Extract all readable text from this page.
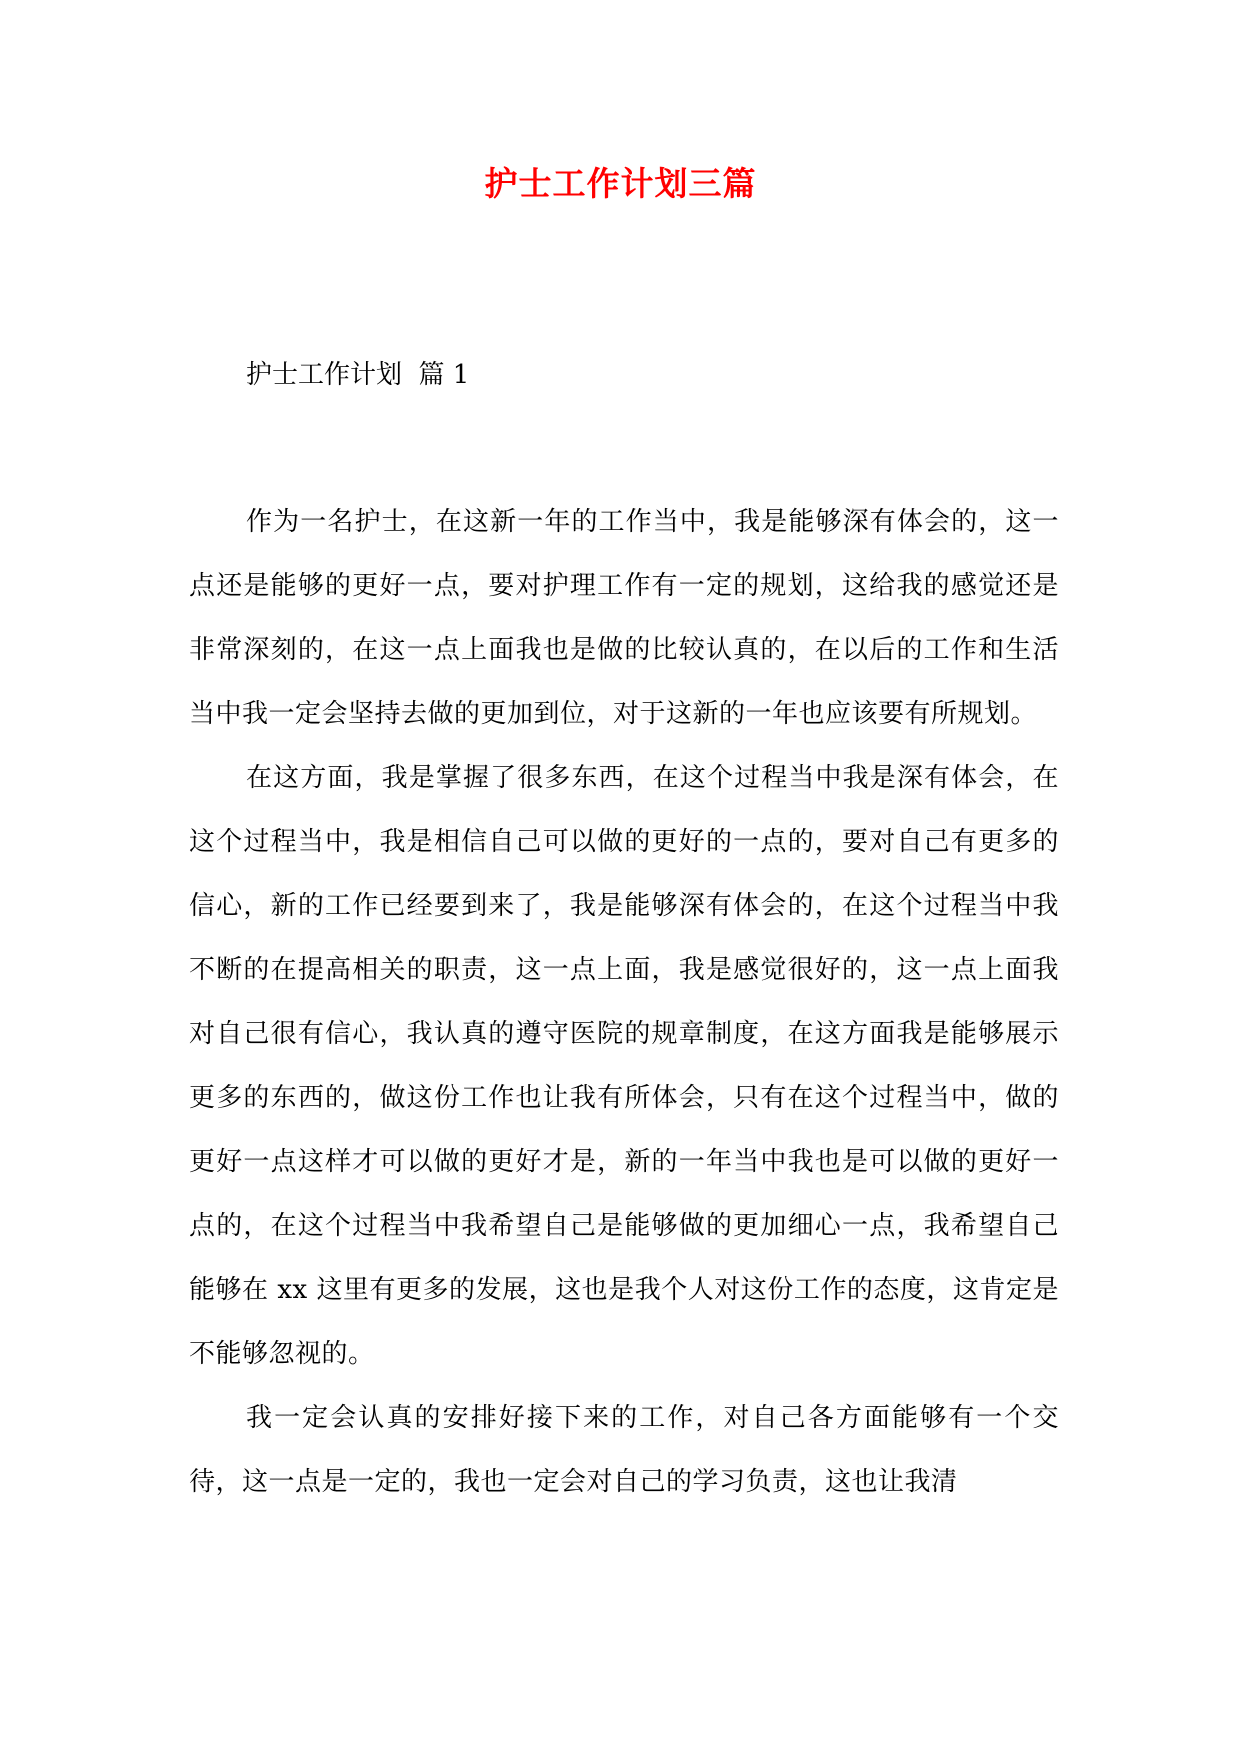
护士工作计划三篇
护士工作计划  篇 1

作为一名护士，在这新一年的工作当中，我是能够深有体会的，这一点还是能够的更好一点，要对护理工作有一定的规划，这给我的感觉还是非常深刻的，在这一点上面我也是做的比较认真的，在以后的工作和生活当中我一定会坚持去做的更加到位，对于这新的一年也应该要有所规划。

在这方面，我是掌握了很多东西，在这个过程当中我是深有体会，在这个过程当中，我是相信自己可以做的更好的一点的，要对自己有更多的信心，新的工作已经要到来了，我是能够深有体会的，在这个过程当中我不断的在提高相关的职责，这一点上面，我是感觉很好的，这一点上面我对自己很有信心，我认真的遵守医院的规章制度，在这方面我是能够展示更多的东西的，做这份工作也让我有所体会，只有在这个过程当中，做的更好一点这样才可以做的更好才是，新的一年当中我也是可以做的更好一点的，在这个过程当中我希望自己是能够做的更加细心一点，我希望自己能够在 xx 这里有更多的发展，这也是我个人对这份工作的态度，这肯定是不能够忽视的。

我一定会认真的安排好接下来的工作，对自己各方面能够有一个交待，这一点是一定的，我也一定会对自己的学习负责，这也让我清
